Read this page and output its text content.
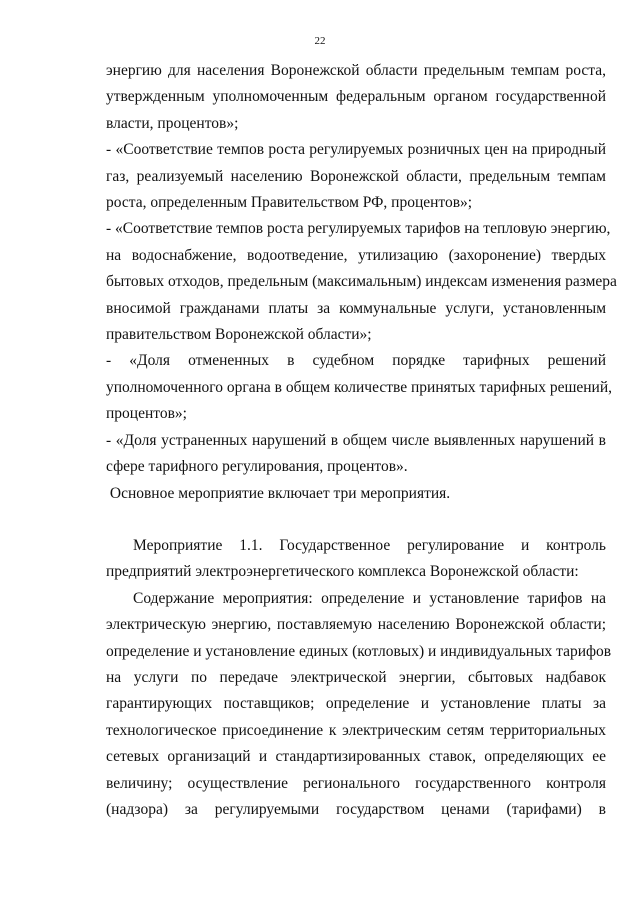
22
энергию для населения Воронежской области предельным темпам роста,
утвержденным уполномоченным федеральным органом государственной
власти, процентов»;
- «Соответствие темпов роста регулируемых розничных цен на природный
газ, реализуемый населению Воронежской области, предельным темпам
роста, определенным Правительством РФ, процентов»;
- «Соответствие темпов роста регулируемых тарифов на тепловую энергию,
на водоснабжение, водоотведение, утилизацию (захоронение) твердых
бытовых отходов, предельным (максимальным) индексам изменения размера
вносимой гражданами платы за коммунальные услуги, установленным
правительством Воронежской области»;
- «Доля отмененных в судебном порядке тарифных решений
уполномоченного органа в общем количестве принятых тарифных решений,
процентов»;
- «Доля устраненных нарушений в общем числе выявленных нарушений в
сфере тарифного регулирования, процентов».
Основное мероприятие включает три мероприятия.
Мероприятие 1.1. Государственное регулирование и контроль
предприятий электроэнергетического комплекса Воронежской области:
Содержание мероприятия: определение и установление тарифов на
электрическую энергию, поставляемую населению Воронежской области;
определение и установление единых (котловых) и индивидуальных тарифов
на услуги по передаче электрической энергии, сбытовых надбавок
гарантирующих поставщиков; определение и установление платы за
технологическое присоединение к электрическим сетям территориальных
сетевых организаций и стандартизированных ставок, определяющих ее
величину; осуществление регионального государственного контроля
(надзора) за регулируемыми государством ценами (тарифами) в
